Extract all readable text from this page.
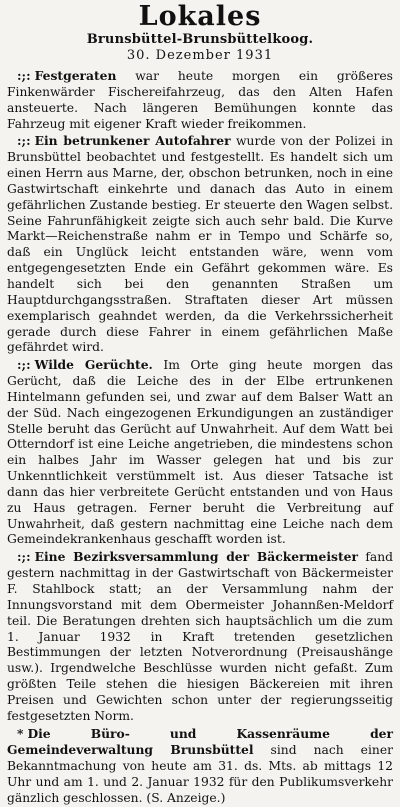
Lokales
Brunsbüttel-Brunsbüttelkoog.
30. Dezember 1931

:;: Festgeraten war heute morgen ein größeres Finkenwärder Fischereifahrzeug, das den Alten Hafen ansteuerte. Nach längeren Bemühungen konnte das Fahrzeug mit eigener Kraft wieder freikommen.

:;: Ein betrunkener Autofahrer wurde von der Polizei in Brunsbüttel beobachtet und festgestellt. Es handelt sich um einen Herrn aus Marne, der, obschon betrunken, noch in eine Gastwirtschaft einkehrte und danach das Auto in einem gefährlichen Zustande bestieg. Er steuerte den Wagen selbst. Seine Fahrunfähigkeit zeigte sich auch sehr bald. Die Kurve Markt—Reichenstraße nahm er in Tempo und Schärfe so, daß ein Unglück leicht entstanden wäre, wenn vom entgegengesetzten Ende ein Gefährt gekommen wäre. Es handelt sich bei den genannten Straßen um Hauptdurchgangsstraßen. Straftaten dieser Art müssen exemplarisch geahndet werden, da die Verkehrssicherheit gerade durch diese Fahrer in einem gefährlichen Maße gefährdet wird.

:;: Wilde Gerüchte. Im Orte ging heute morgen das Gerücht, daß die Leiche des in der Elbe ertrunkenen Hintelmann gefunden sei, und zwar auf dem Balser Watt an der Süd. Nach eingezogenen Erkundigungen an zuständiger Stelle beruht das Gerücht auf Unwahrheit. Auf dem Watt bei Otterndorf ist eine Leiche angetrieben, die mindestens schon ein halbes Jahr im Wasser gelegen hat und bis zur Unkenntlichkeit verstümmelt ist. Aus dieser Tatsache ist dann das hier verbreitete Gerücht entstanden und von Haus zu Haus getragen. Ferner beruht die Verbreitung auf Unwahrheit, daß gestern nachmittag eine Leiche nach dem Gemeindekrankenhaus geschafft worden ist.

:;: Eine Bezirksversammlung der Bäckermeister fand gestern nachmittag in der Gastwirtschaft von Bäckermeister F. Stahlbock statt; an der Versammlung nahm der Innungsvorstand mit dem Obermeister Johannßen-Meldorf teil. Die Beratungen drehten sich hauptsächlich um die zum 1. Januar 1932 in Kraft tretenden gesetzlichen Bestimmungen der letzten Notverordnung (Preisaushänge usw.). Irgendwelche Beschlüsse wurden nicht gefaßt. Zum größten Teile stehen die hiesigen Bäckereien mit ihren Preisen und Gewichten schon unter der regierungsseitig festgesetzten Norm.

* Die Büro- und Kassenräume der Gemeindeverwaltung Brunsbüttel sind nach einer Bekanntmachung von heute am 31. ds. Mts. ab mittags 12 Uhr und am 1. und 2. Januar 1932 für den Publikumsverkehr gänzlich geschlossen. (S. Anzeige.)
